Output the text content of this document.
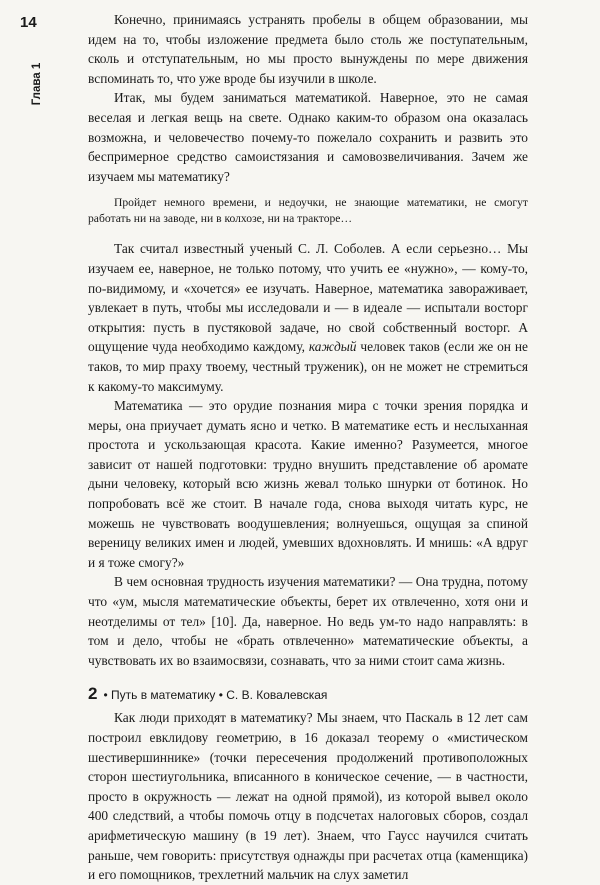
14
Глава 1

Конечно, принимаясь устранять пробелы в общем образовании, мы идем на то, чтобы изложение предмета было столь же поступательным, сколь и отступательным, но мы просто вынуждены по мере движения вспоминать то, что уже вроде бы изучили в школе.

Итак, мы будем заниматься математикой. Наверное, это не самая веселая и легкая вещь на свете. Однако каким-то образом она оказалась возможна, и человечество почему-то пожелало сохранить и развить это беспримерное средство самоистязания и самовозвеличивания. Зачем же изучаем мы математику?

Пройдет немного времени, и недоучки, не знающие математики, не смогут работать ни на заводе, ни в колхозе, ни на тракторе…

Так считал известный ученый С. Л. Соболев. А если серьезно… Мы изучаем ее, наверное, не только потому, что учить ее «нужно», — кому-то, по-видимому, и «хочется» ее изучать. Наверное, математика завораживает, увлекает в путь, чтобы мы исследовали и — в идеале — испытали восторг открытия: пусть в пустяковой задаче, но свой собственный восторг. А ощущение чуда необходимо каждому, каждый человек таков (если же он не таков, то мир праху твоему, честный труженик), он не может не стремиться к какому-то максимуму.

Математика — это орудие познания мира с точки зрения порядка и меры, она приучает думать ясно и четко. В математике есть и неслыханная простота и ускользающая красота. Какие именно? Разумеется, многое зависит от нашей подготовки: трудно внушить представление об аромате дыни человеку, который всю жизнь жевал только шнурки от ботинок. Но попробовать всё же стоит. В начале года, снова выходя читать курс, не можешь не чувствовать воодушевления; волнуешься, ощущая за спиной вереницу великих имен и людей, умевших вдохновлять. И мнишь: «А вдруг и я тоже смогу?»

В чем основная трудность изучения математики? — Она трудна, потому что «ум, мысля математические объекты, берет их отвлеченно, хотя они и неотделимы от тел» [10]. Да, наверное. Но ведь ум-то надо направлять: в том и дело, чтобы не «брать отвлеченно» математические объекты, а чувствовать их во взаимосвязи, сознавать, что за ними стоит сама жизнь.

2 • Путь в математику • С. В. Ковалевская

Как люди приходят в математику? Мы знаем, что Паскаль в 12 лет сам построил евклидову геометрию, в 16 доказал теорему о «мистическом шестивершиннике» (точки пересечения продолжений противоположных сторон шестиугольника, вписанного в коническое сечение, — в частности, просто в окружность — лежат на одной прямой), из которой вывел около 400 следствий, а чтобы помочь отцу в подсчетах налоговых сборов, создал арифметическую машину (в 19 лет). Знаем, что Гаусс научился считать раньше, чем говорить: присутствуя однажды при расчетах отца (каменщика) и его помощников, трехлетний мальчик на слух заметил
